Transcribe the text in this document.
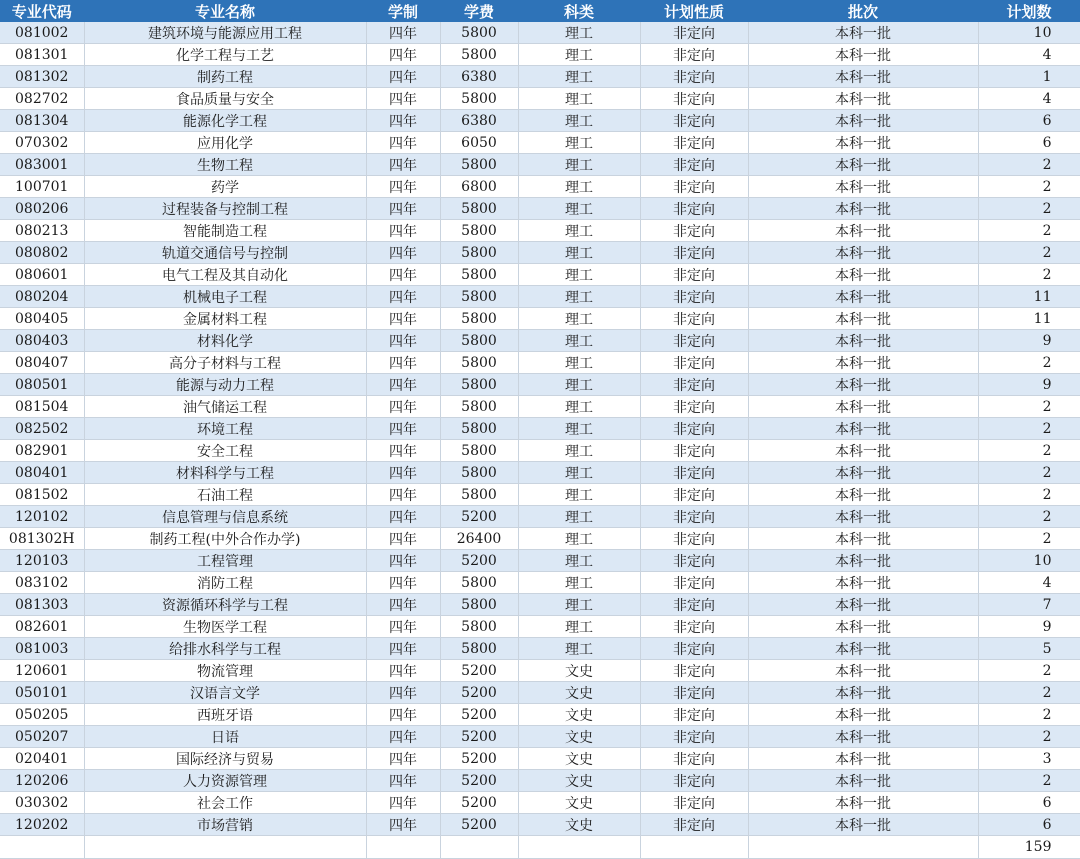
专业代码	专业名称	学制	学费	科类	计划性质	批次	计划数
081002	建筑环境与能源应用工程	四年	5800	理工	非定向	本科一批	10
081301	化学工程与工艺	四年	5800	理工	非定向	本科一批	4
081302	制药工程	四年	6380	理工	非定向	本科一批	1
082702	食品质量与安全	四年	5800	理工	非定向	本科一批	4
081304	能源化学工程	四年	6380	理工	非定向	本科一批	6
070302	应用化学	四年	6050	理工	非定向	本科一批	6
083001	生物工程	四年	5800	理工	非定向	本科一批	2
100701	药学	四年	6800	理工	非定向	本科一批	2
080206	过程装备与控制工程	四年	5800	理工	非定向	本科一批	2
080213	智能制造工程	四年	5800	理工	非定向	本科一批	2
080802	轨道交通信号与控制	四年	5800	理工	非定向	本科一批	2
080601	电气工程及其自动化	四年	5800	理工	非定向	本科一批	2
080204	机械电子工程	四年	5800	理工	非定向	本科一批	11
080405	金属材料工程	四年	5800	理工	非定向	本科一批	11
080403	材料化学	四年	5800	理工	非定向	本科一批	9
080407	高分子材料与工程	四年	5800	理工	非定向	本科一批	2
080501	能源与动力工程	四年	5800	理工	非定向	本科一批	9
081504	油气储运工程	四年	5800	理工	非定向	本科一批	2
082502	环境工程	四年	5800	理工	非定向	本科一批	2
082901	安全工程	四年	5800	理工	非定向	本科一批	2
080401	材料科学与工程	四年	5800	理工	非定向	本科一批	2
081502	石油工程	四年	5800	理工	非定向	本科一批	2
120102	信息管理与信息系统	四年	5200	理工	非定向	本科一批	2
081302H	制药工程(中外合作办学)	四年	26400	理工	非定向	本科一批	2
120103	工程管理	四年	5200	理工	非定向	本科一批	10
083102	消防工程	四年	5800	理工	非定向	本科一批	4
081303	资源循环科学与工程	四年	5800	理工	非定向	本科一批	7
082601	生物医学工程	四年	5800	理工	非定向	本科一批	9
081003	给排水科学与工程	四年	5800	理工	非定向	本科一批	5
120601	物流管理	四年	5200	文史	非定向	本科一批	2
050101	汉语言文学	四年	5200	文史	非定向	本科一批	2
050205	西班牙语	四年	5200	文史	非定向	本科一批	2
050207	日语	四年	5200	文史	非定向	本科一批	2
020401	国际经济与贸易	四年	5200	文史	非定向	本科一批	3
120206	人力资源管理	四年	5200	文史	非定向	本科一批	2
030302	社会工作	四年	5200	文史	非定向	本科一批	6
120202	市场营销	四年	5200	文史	非定向	本科一批	6
							159
